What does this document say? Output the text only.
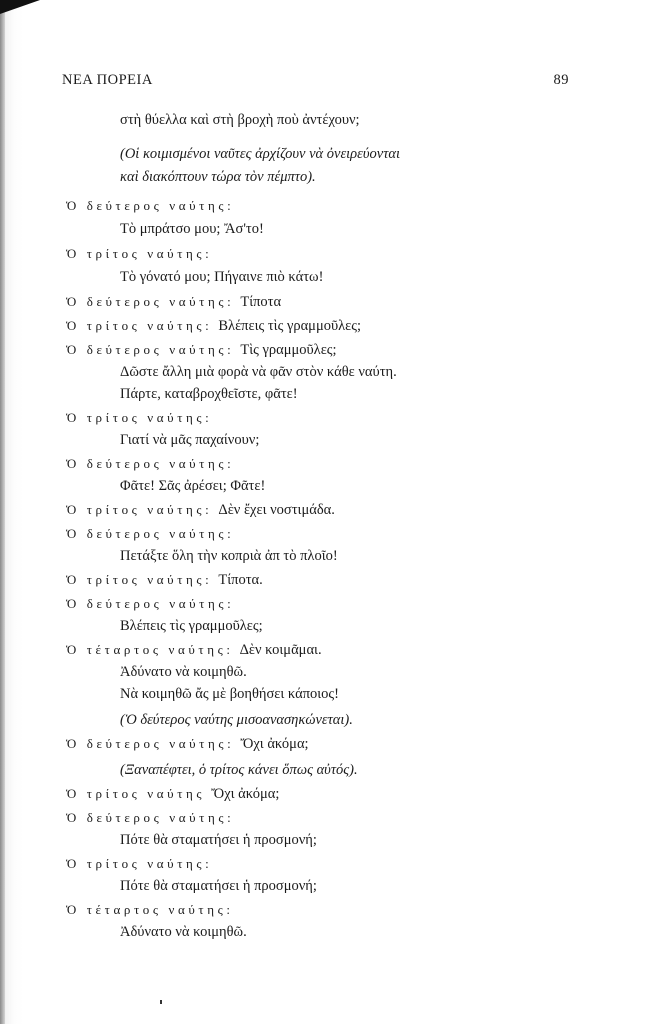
ΝΕΑ ΠΟΡΕΙΑ	89
στὴ θύελλα καὶ στὴ βροχὴ ποὺ ἀντέχουν;
(Οἱ κοιμισμένοι ναῦτες ἀρχίζουν νὰ ὀνειρεύονται
καὶ διακόπτουν τώρα τὸν πέμπτο).
Ὁ δεύτερος ναύτης:
Τὸ μπράτσο μου; Ἄσ'το!
Ὁ τρίτος ναύτης:
Τὸ γόνατό μου; Πήγαινε πιὸ κάτω!
Ὁ δεύτερος ναύτης: Τίποτα
Ὁ τρίτος ναύτης: Βλέπεις τὶς γραμμοῦλες;
Ὁ δεύτερος ναύτης: Τὶς γραμμοῦλες;
Δῶστε ἄλλη μιὰ φορὰ νὰ φᾶν στὸν κάθε ναύτη.
Πάρτε, καταβροχθεῖστε, φᾶτε!
Ὁ τρίτος ναύτης:
Γιατί νὰ μᾶς παχαίνουν;
Ὁ δεύτερος ναύτης:
Φᾶτε! Σᾶς ἀρέσει; Φᾶτε!
Ὁ τρίτος ναύτης: Δὲν ἔχει νοστιμάδα.
Ὁ δεύτερος ναύτης:
Πετάξτε ὅλη τὴν κοπριὰ ἀπ τὸ πλοῖο!
Ὁ τρίτος ναύτης: Τίποτα.
Ὁ δεύτερος ναύτης:
Βλέπεις τὶς γραμμοῦλες;
Ὁ τέταρτος ναύτης: Δὲν κοιμᾶμαι.
Ἀδύνατο νὰ κοιμηθῶ.
Νὰ κοιμηθῶ ἄς μὲ βοηθήσει κάποιος!
(Ὁ δεύτερος ναύτης μισοανασηκώνεται).
Ὁ δεύτερος ναύτης: Ὄχι ἀκόμα;
(Ξαναπέφτει, ὁ τρίτος κάνει ὅπως αὐτός).
Ὁ τρίτος ναύτης Ὄχι ἀκόμα;
Ὁ δεύτερος ναύτης:
Πότε θὰ σταματήσει ἡ προσμονή;
Ὁ τρίτος ναύτης:
Πότε θὰ σταματήσει ἡ προσμονή;
Ὁ τέταρτος ναύτης:
Ἀδύνατο νὰ κοιμηθῶ.
